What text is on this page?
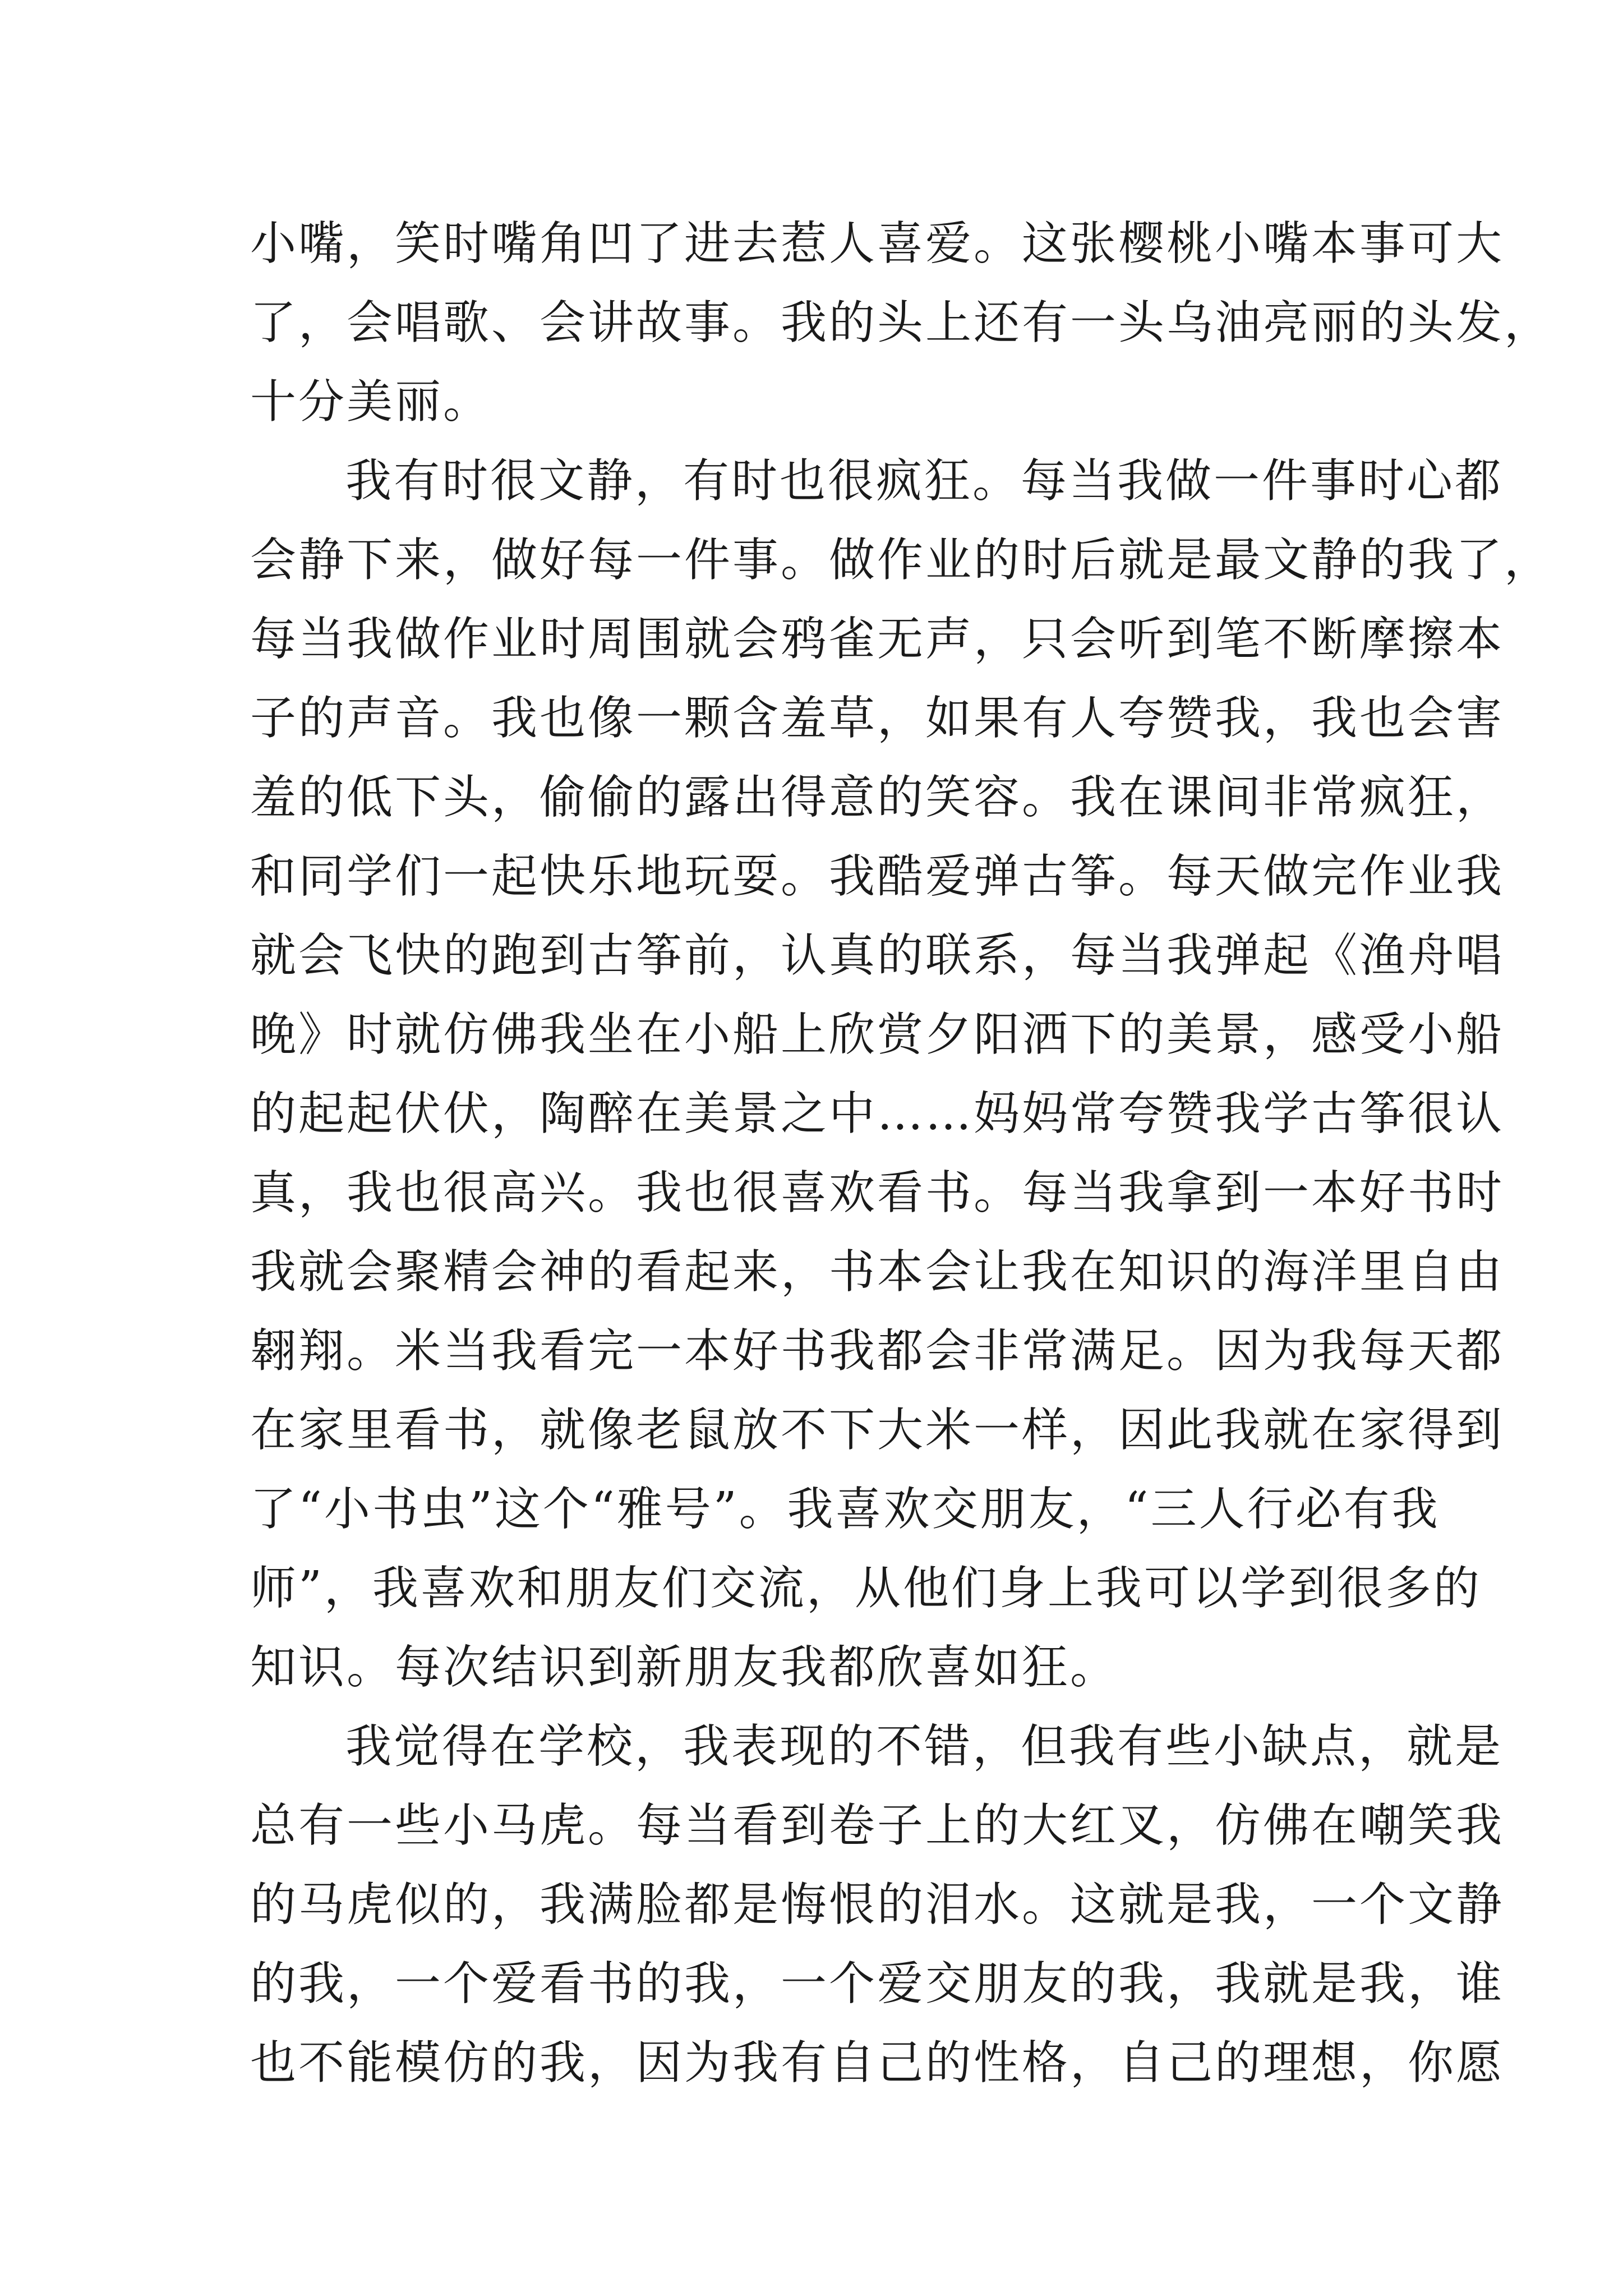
小嘴，笑时嘴角凹了进去惹人喜爱。这张樱桃小嘴本事可大
了，会唱歌、会讲故事。我的头上还有一头乌油亮丽的头发，
十分美丽。
我有时很文静，有时也很疯狂。每当我做一件事时心都
会静下来，做好每一件事。做作业的时后就是最文静的我了，
每当我做作业时周围就会鸦雀无声，只会听到笔不断摩擦本
子的声音。我也像一颗含羞草，如果有人夸赞我，我也会害
羞的低下头，偷偷的露出得意的笑容。我在课间非常疯狂，
和同学们一起快乐地玩耍。我酷爱弹古筝。每天做完作业我
就会飞快的跑到古筝前，认真的联系，每当我弹起《渔舟唱
晚》时就仿佛我坐在小船上欣赏夕阳洒下的美景，感受小船
的起起伏伏，陶醉在美景之中……妈妈常夸赞我学古筝很认
真，我也很高兴。我也很喜欢看书。每当我拿到一本好书时
我就会聚精会神的看起来，书本会让我在知识的海洋里自由
翱翔。米当我看完一本好书我都会非常满足。因为我每天都
在家里看书，就像老鼠放不下大米一样，因此我就在家得到
了“小书虫”这个“雅号”。我喜欢交朋友，“三人行必有我
师”，我喜欢和朋友们交流，从他们身上我可以学到很多的
知识。每次结识到新朋友我都欣喜如狂。
我觉得在学校，我表现的不错，但我有些小缺点，就是
总有一些小马虎。每当看到卷子上的大红叉，仿佛在嘲笑我
的马虎似的，我满脸都是悔恨的泪水。这就是我，一个文静
的我，一个爱看书的我，一个爱交朋友的我，我就是我，谁
也不能模仿的我，因为我有自己的性格，自己的理想，你愿
